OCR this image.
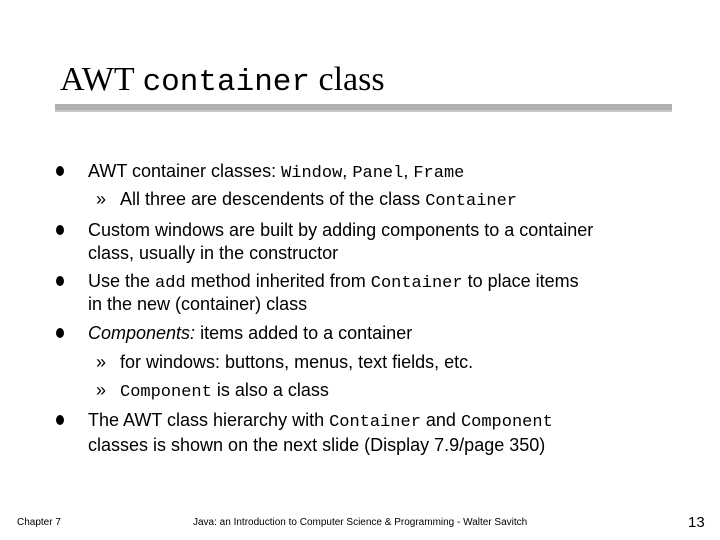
AWT container class
AWT container classes: Window, Panel, Frame
» All three are descendents of the class Container
Custom windows are built by adding components to a container
class, usually in the constructor
Use the add method inherited from Container to place items
in the new (container) class
Components: items added to a container
» for windows: buttons, menus, text fields, etc.
» Component is also a class
The AWT class hierarchy with Container and Component
classes is shown on the next slide (Display 7.9/page 350)
Chapter 7	Java: an Introduction to Computer Science & Programming - Walter Savitch	13
